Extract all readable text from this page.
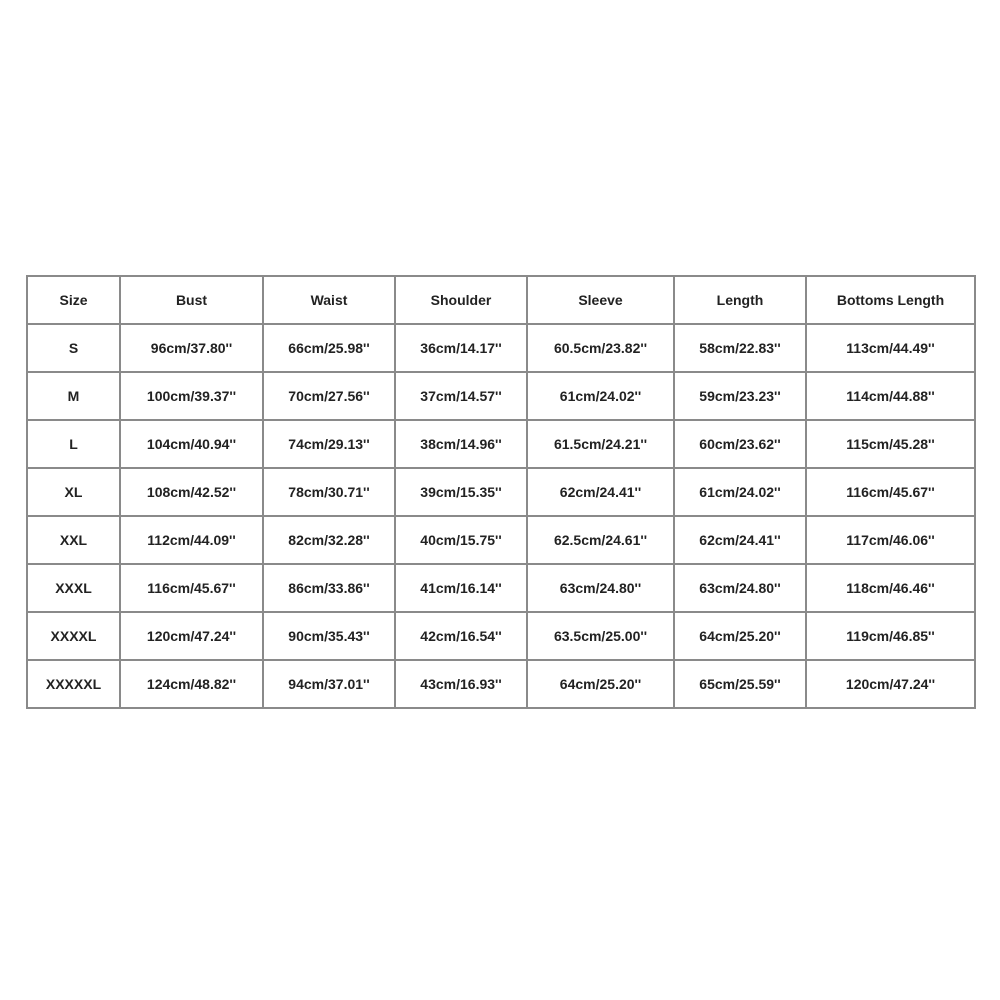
Size	Bust	Waist	Shoulder	Sleeve	Length	Bottoms Length
S	96cm/37.80''	66cm/25.98''	36cm/14.17''	60.5cm/23.82''	58cm/22.83''	113cm/44.49''
M	100cm/39.37''	70cm/27.56''	37cm/14.57''	61cm/24.02''	59cm/23.23''	114cm/44.88''
L	104cm/40.94''	74cm/29.13''	38cm/14.96''	61.5cm/24.21''	60cm/23.62''	115cm/45.28''
XL	108cm/42.52''	78cm/30.71''	39cm/15.35''	62cm/24.41''	61cm/24.02''	116cm/45.67''
XXL	112cm/44.09''	82cm/32.28''	40cm/15.75''	62.5cm/24.61''	62cm/24.41''	117cm/46.06''
XXXL	116cm/45.67''	86cm/33.86''	41cm/16.14''	63cm/24.80''	63cm/24.80''	118cm/46.46''
XXXXL	120cm/47.24''	90cm/35.43''	42cm/16.54''	63.5cm/25.00''	64cm/25.20''	119cm/46.85''
XXXXXL	124cm/48.82''	94cm/37.01''	43cm/16.93''	64cm/25.20''	65cm/25.59''	120cm/47.24''
